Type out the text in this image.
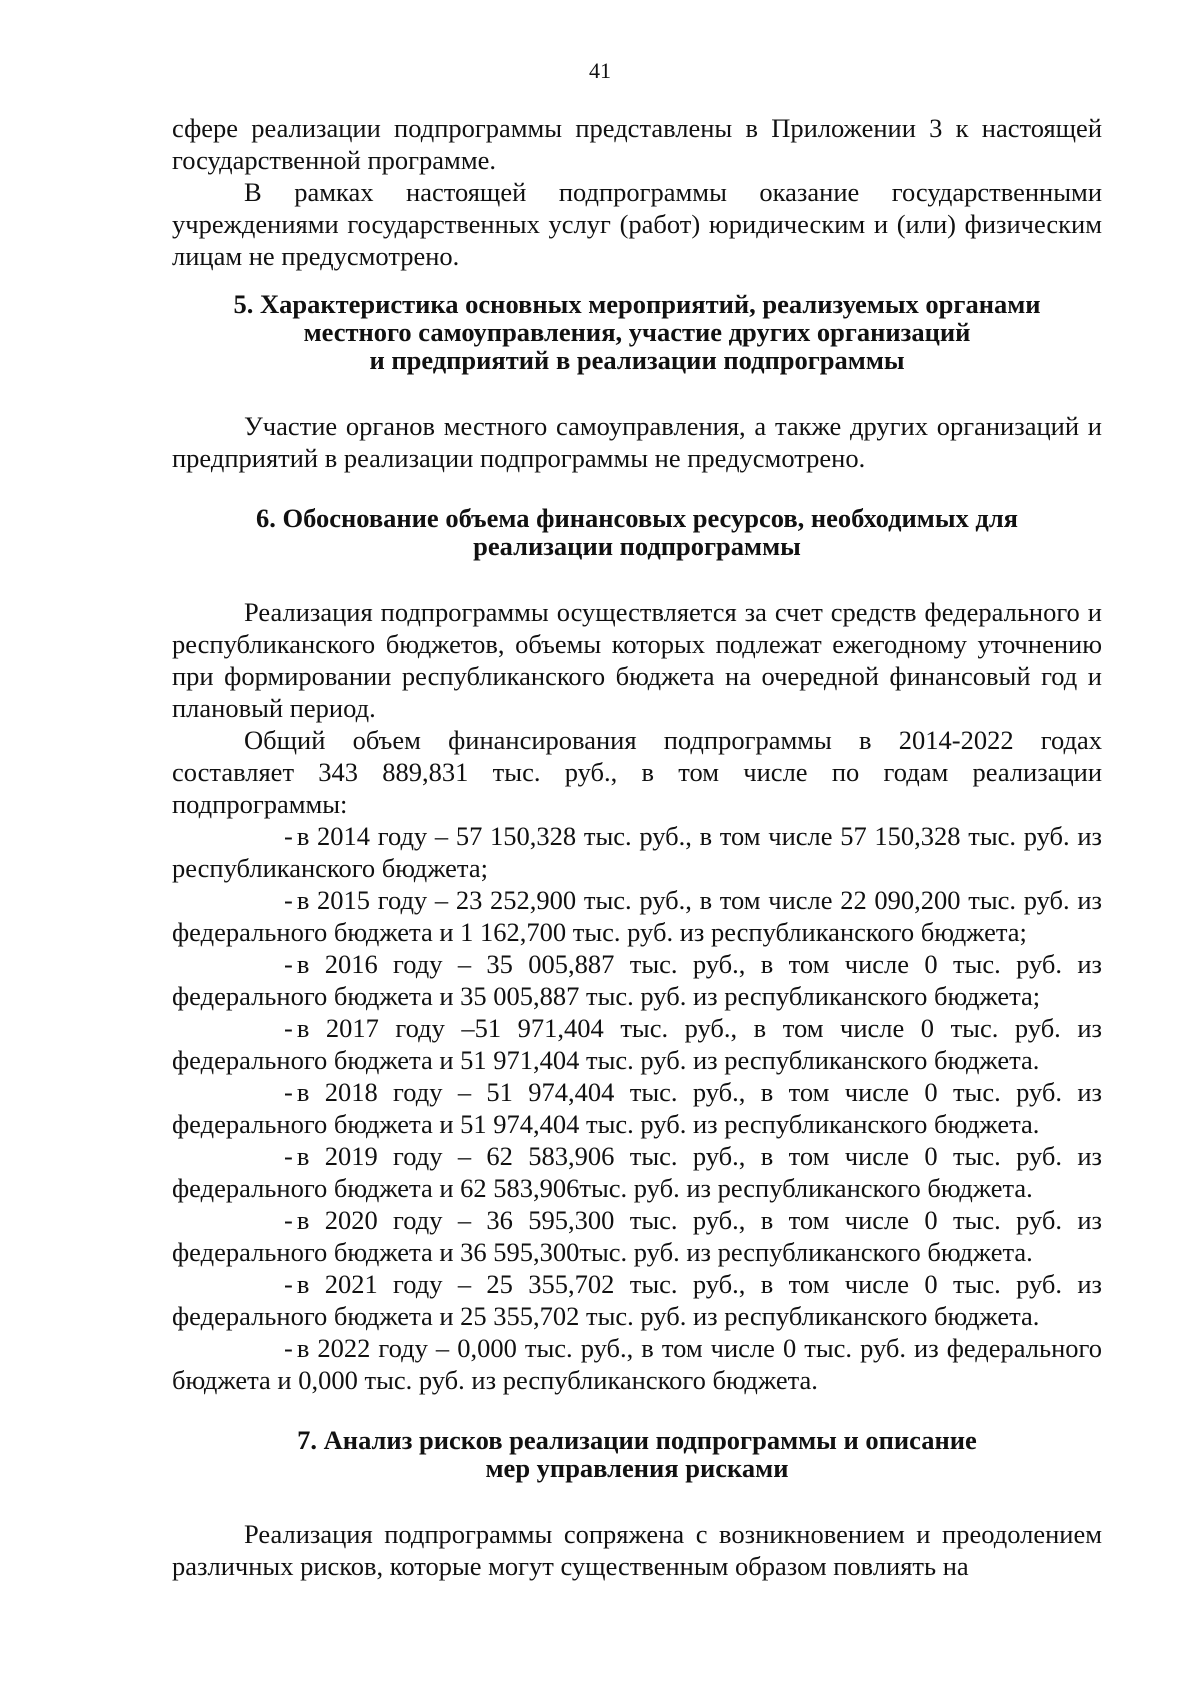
41

сфере реализации подпрограммы представлены в Приложении 3 к настоящей государственной программе.

В рамках настоящей подпрограммы оказание государственными учреждениями государственных услуг (работ) юридическим и (или) физическим лицам не предусмотрено.

5. Характеристика основных мероприятий, реализуемых органами
местного самоуправления, участие других организаций
и предприятий в реализации подпрограммы

Участие органов местного самоуправления, а также других организаций и предприятий в реализации подпрограммы не предусмотрено.

6. Обоснование объема финансовых ресурсов, необходимых для
реализации подпрограммы

Реализация подпрограммы осуществляется за счет средств федерального и республиканского бюджетов, объемы которых подлежат ежегодному уточнению при формировании республиканского бюджета на очередной финансовый год и плановый период.

Общий объем финансирования подпрограммы в 2014-2022 годах составляет 343 889,831 тыс. руб., в том числе по годам реализации подпрограммы:

- в 2014 году – 57 150,328 тыс. руб., в том числе 57 150,328 тыс. руб. из республиканского бюджета;

- в 2015 году – 23 252,900 тыс. руб., в том числе 22 090,200 тыс. руб. из федерального бюджета и 1 162,700 тыс. руб. из республиканского бюджета;

- в 2016 году – 35 005,887 тыс. руб., в том числе 0 тыс. руб. из федерального бюджета и 35 005,887 тыс. руб. из республиканского бюджета;

- в 2017 году –51 971,404 тыс. руб., в том числе 0 тыс. руб. из федерального бюджета и 51 971,404 тыс. руб. из республиканского бюджета.

- в 2018 году – 51 974,404 тыс. руб., в том числе 0 тыс. руб. из федерального бюджета и 51 974,404 тыс. руб. из республиканского бюджета.

- в 2019 году – 62 583,906 тыс. руб., в том числе 0 тыс. руб. из федерального бюджета и 62 583,906тыс. руб. из республиканского бюджета.

- в 2020 году – 36 595,300 тыс. руб., в том числе 0 тыс. руб. из федерального бюджета и 36 595,300тыс. руб. из республиканского бюджета.

- в 2021 году – 25 355,702 тыс. руб., в том числе 0 тыс. руб. из федерального бюджета и 25 355,702 тыс. руб. из республиканского бюджета.

- в 2022 году – 0,000 тыс. руб., в том числе 0 тыс. руб. из федерального бюджета и 0,000 тыс. руб. из республиканского бюджета.

7. Анализ рисков реализации подпрограммы и описание
мер управления рисками

Реализация подпрограммы сопряжена с возникновением и преодолением различных рисков, которые могут существенным образом повлиять на
